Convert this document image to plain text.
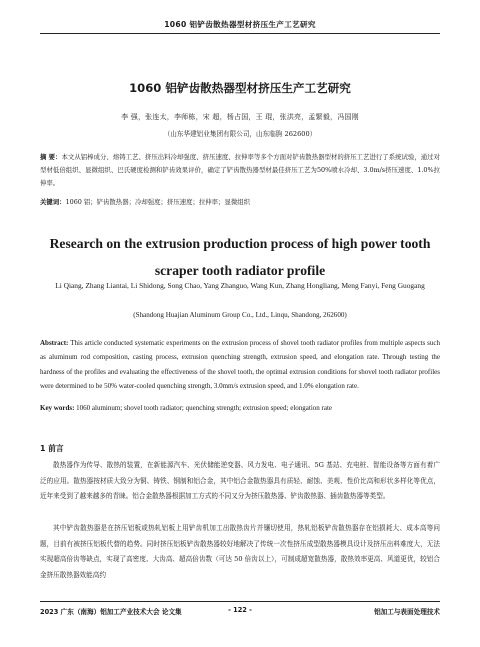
1060 铝铲齿散热器型材挤压生产工艺研究
1060 铝铲齿散热器型材挤压生产工艺研究
李 强，张连太，李师栋，宋 超，杨占国，王 琨，张洪亮，孟繁毅，冯国刚
（山东华建铝业集团有限公司，山东临朐 262600）
摘 要：本文从铝棒成分、熔铸工艺、挤压出料冷却强度、挤压速度、拉伸率等多个方面对铲齿散热器型材的挤压工艺进行了系统试验，通过对型材低倍组织、显微组织、巴氏硬度检测和铲齿效果评价，确定了铲齿散热器型材最佳挤压工艺为50%喷水冷却、3.0m/s挤压速度、1.0%拉伸率。
关键词：1060 铝；铲齿散热器；冷却强度；挤压速度；拉伸率；显微组织
Research on the extrusion production process of high power tooth scraper tooth radiator profile
Li Qiang, Zhang Liantai, Li Shidong, Song Chao, Yang Zhanguo, Wang Kun, Zhang Hongliang, Meng Fanyi, Feng Guogang
(Shandong Huajian Aluminum Group Co., Ltd., Linqu, Shandong, 262600)
Abstract: This article conducted systematic experiments on the extrusion process of shovel tooth radiator profiles from multiple aspects such as aluminum rod composition, casting process, extrusion quenching strength, extrusion speed, and elongation rate. Through testing the hardness of the profiles and evaluating the effectiveness of the shovel tooth, the optimal extrusion conditions for shovel tooth radiator profiles were determined to be 50% water-cooled quenching strength, 3.0mm/s extrusion speed, and 1.0% elongation rate.
Key words: 1060 aluminum; shovel tooth radiator; quenching strength; extrusion speed; elongation rate
1 前言
散热器作为传导、散热的装置，在新能源汽车、光伏储能逆变器、风力发电、电子通讯、5G 基站、充电桩、智能设备等方面有着广泛的应用。散热器按材质大致分为铜、铸铁、钢制和铝合金，其中铝合金散热器具有质轻、耐蚀、美观、性价比高和形状多样化等优点，近年来受到了越来越多的青睐。铝合金散热器根据加工方式的不同又分为挤压散热器、铲齿散热器、插齿散热器等类型。
其中铲齿散热器是在挤压铝板或热轧铝板上用铲齿机加工出散热齿片并镶切使用，热轧铝板铲齿散热器存在铝损耗大、成本高等问题，目前有被挤压铝板代替的趋势。同时挤压铝板铲齿散热器较好地解决了传统一次性挤压成型散热器模具设计及挤压出料难度大，无法实现超高倍齿等缺点，实现了高密度、大齿高、超高倍齿数（可达 50 倍齿以上），可制成超宽散热器，散热效率更高、风道更优，较铝合金挤压散热器效能高约
2023 广东（南海）铝加工产业技术大会 论文集	- 122 -	铝加工与表面处理技术
